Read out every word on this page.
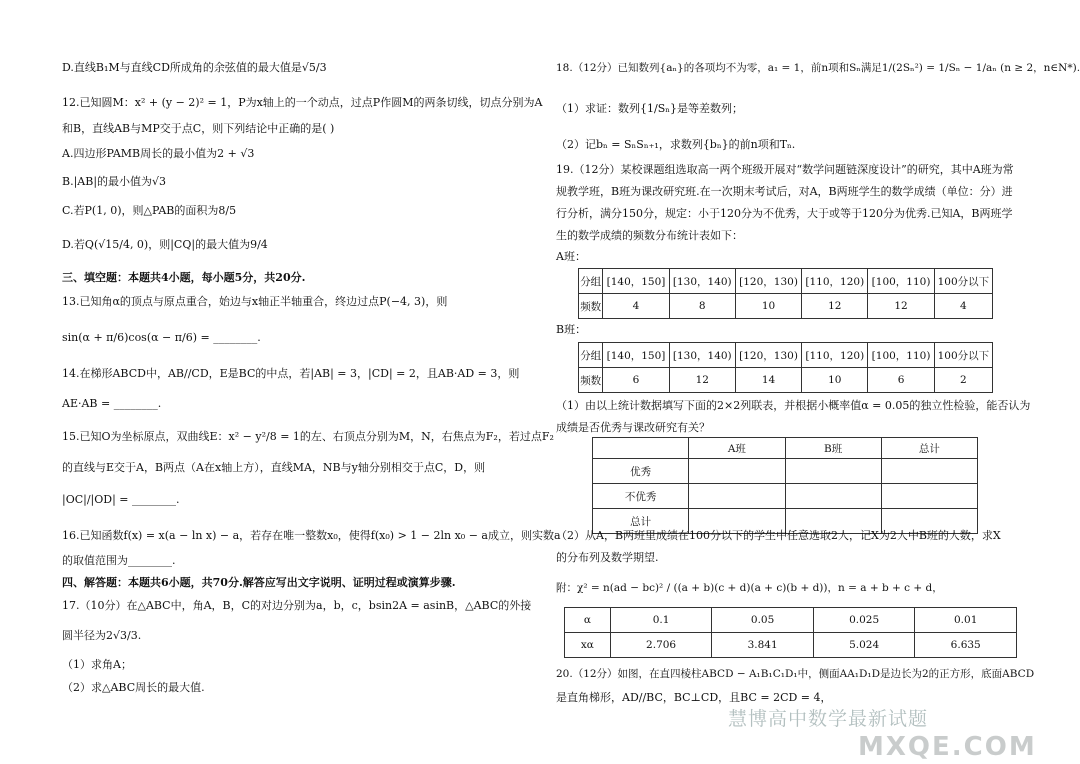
D.直线B₁M与直线CD所成角的余弦值的最大值是√5/3
12.已知圆M：x² + (y − 2)² = 1，P为x轴上的一个动点，过点P作圆M的两条切线，切点分别为A
和B，直线AB与MP交于点C，则下列结论中正确的是( )
A.四边形PAMB周长的最小值为2 + √3
B.|AB|的最小值为√3
C.若P(1, 0)，则△PAB的面积为8/5
D.若Q(√15/4, 0)，则|CQ|的最大值为9/4
三、填空题：本题共4小题，每小题5分，共20分.
13.已知角α的顶点与原点重合，始边与x轴正半轴重合，终边过点P(−4, 3)，则
sin(α + π/6)cos(α − π/6) = ________.
14.在梯形ABCD中，AB//CD，E是BC的中点，若|AB| = 3，|CD| = 2，且AB·AD = 3，则
AE·AB = ________.
15.已知O为坐标原点，双曲线E：x² − y²/8 = 1的左、右顶点分别为M，N，右焦点为F₂，若过点F₂
的直线与E交于A，B两点（A在x轴上方），直线MA，NB与y轴分别相交于点C，D，则
|OC|/|OD| = ________.
16.已知函数f(x) = x(a − ln x) − a，若存在唯一整数x₀，使得f(x₀) > 1 − 2ln x₀ − a成立，则实数a
的取值范围为________.
四、解答题：本题共6小题，共70分.解答应写出文字说明、证明过程或演算步骤.
17.（10分）在△ABC中，角A，B，C的对边分别为a，b，c，bsin2A = asinB，△ABC的外接
圆半径为2√3/3.
（1）求角A；
（2）求△ABC周长的最大值.
18.（12分）已知数列{aₙ}的各项均不为零，a₁ = 1，前n项和Sₙ满足1/(2Sₙ²) = 1/Sₙ − 1/aₙ (n ≥ 2，n∈N*).
（1）求证：数列{1/Sₙ}是等差数列；
（2）记bₙ = SₙSₙ₊₁，求数列{bₙ}的前n项和Tₙ.
19.（12分）某校课题组选取高一两个班级开展对“数学问题链深度设计”的研究，其中A班为常
规教学班，B班为课改研究班.在一次期末考试后，对A，B两班学生的数学成绩（单位：分）进
行分析，满分150分，规定：小于120分为不优秀，大于或等于120分为优秀.已知A，B两班学
生的数学成绩的频数分布统计表如下：
A班：
分组	[140，150]	[130，140)	[120，130)	[110，120)	[100，110)	100分以下
频数	4	8	10	12	12	4
B班：
分组	[140，150]	[130，140)	[120，130)	[110，120)	[100，110)	100分以下
频数	6	12	14	10	6	2
（1）由以上统计数据填写下面的2×2列联表，并根据小概率值α = 0.05的独立性检验，能否认为
成绩是否优秀与课改研究有关？
	A班	B班	总计
优秀			
不优秀			
总计			
（2）从A，B两班里成绩在100分以下的学生中任意选取2人，记X为2人中B班的人数，求X
的分布列及数学期望.
附：χ² = n(ad − bc)² / ((a + b)(c + d)(a + c)(b + d))，n = a + b + c + d，
α	0.1	0.05	0.025	0.01
xα	2.706	3.841	5.024	6.635
20.（12分）如图，在直四棱柱ABCD − A₁B₁C₁D₁中，侧面AA₁D₁D是边长为2的正方形，底面ABCD
是直角梯形，AD//BC，BC⊥CD，且BC = 2CD = 4，
慧博高中数学最新试题
MXQE.COM
